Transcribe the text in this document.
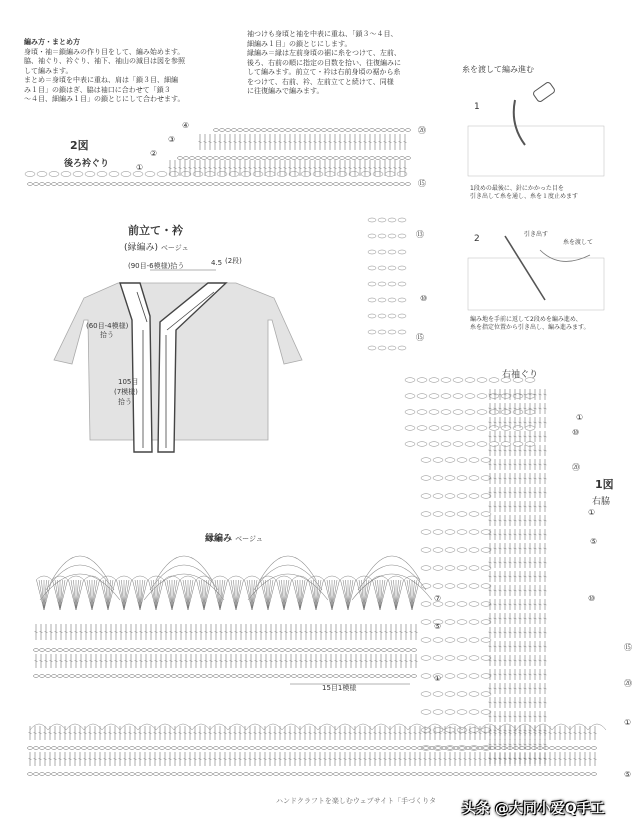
編み方・まとめ方
身頃・袖＝鎖編みの作り目をして、編み始めます。
脇、袖ぐり、衿ぐり、袖下、袖山の減目は図を参照
して編みます。
まとめ＝身頃を中表に重ね、肩は「鎖３目、細編
み１目」の鎖はぎ、脇は袖口に合わせて「鎖３
〜４目、細編み１目」の鎖とじにして合わせます。
袖つけも身頃と袖を中表に重ね、「鎖３〜４目、
細編み１目」の鎖とじにします。
縁編み＝縁は左前身頃の裾に糸をつけて、左前、
後ろ、右前の順に指定の目数を拾い、往復編みに
して編みます。前立て・衿は右前身頃の裾から糸
をつけて、右前、衿、左前立てと続けて、同様
に往復編みで編みます。
2図
後ろ衿ぐり
前立て・衿
(縁編み) ベージュ
(90目-6模様)拾う	4.5 (2段)
(60目-4模様)
拾う
105目
(7模様)
拾う
縁編み ベージュ
15目1模様
糸を渡して編み進む
1
1段めの最後に、針にかかった目を
引き出して糸を通し、糸を１度止めます
2	引き出す
糸を渡して
編み地を手前に返して2段めを編み進め、
糸を指定位置から引き出し、編み進みます。
右袖ぐり
1図
右脇
ハンドクラフトを楽しむウェブサイト「手づくりタ 头条 @大同小爱Q手工
④
③
②
①
⑳
⑮
⑬
⑩
⑮
①
⑩
⑳
⑦
⑤
①
①
⑤
⑩
⑮
⑳
①
⑤
